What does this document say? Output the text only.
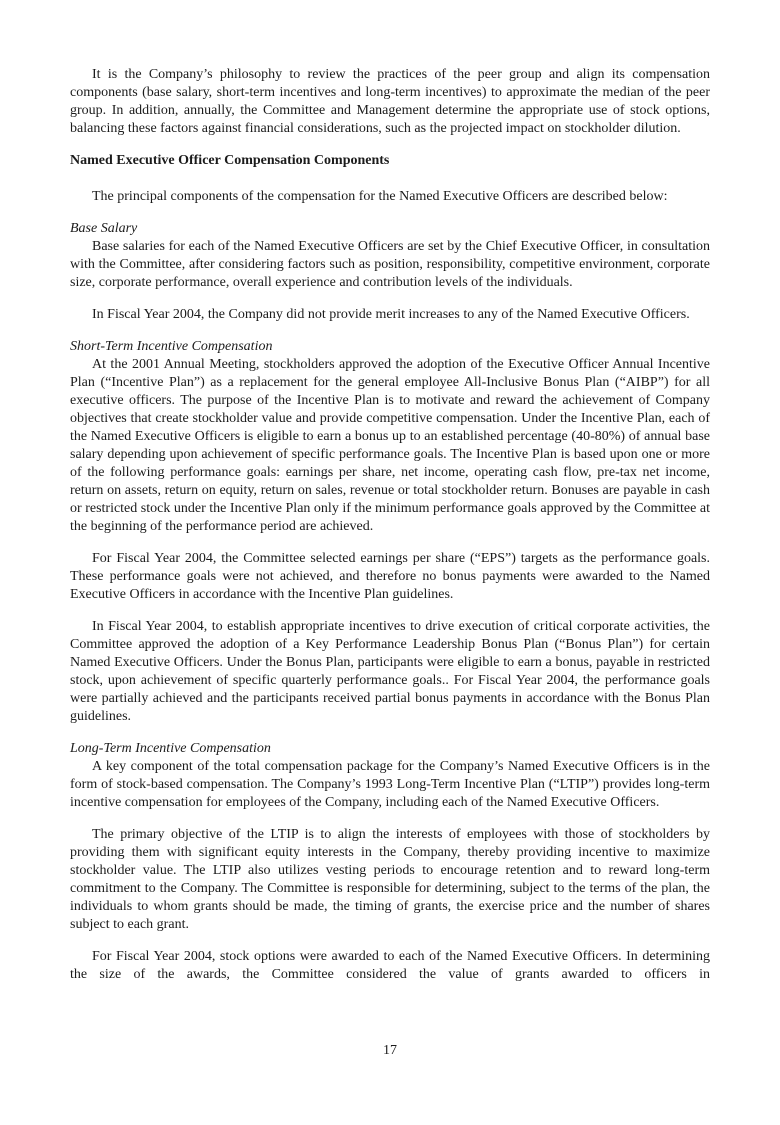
It is the Company’s philosophy to review the practices of the peer group and align its compensation components (base salary, short-term incentives and long-term incentives) to approximate the median of the peer group. In addition, annually, the Committee and Management determine the appropriate use of stock options, balancing these factors against financial considerations, such as the projected impact on stockholder dilution.

Named Executive Officer Compensation Components

The principal components of the compensation for the Named Executive Officers are described below:

Base Salary

Base salaries for each of the Named Executive Officers are set by the Chief Executive Officer, in consultation with the Committee, after considering factors such as position, responsibility, competitive environment, corporate size, corporate performance, overall experience and contribution levels of the individuals.

In Fiscal Year 2004, the Company did not provide merit increases to any of the Named Executive Officers.

Short-Term Incentive Compensation

At the 2001 Annual Meeting, stockholders approved the adoption of the Executive Officer Annual Incentive Plan (“Incentive Plan”) as a replacement for the general employee All-Inclusive Bonus Plan (“AIBP”) for all executive officers. The purpose of the Incentive Plan is to motivate and reward the achievement of Company objectives that create stockholder value and provide competitive compensation. Under the Incentive Plan, each of the Named Executive Officers is eligible to earn a bonus up to an established percentage (40-80%) of annual base salary depending upon achievement of specific performance goals. The Incentive Plan is based upon one or more of the following performance goals: earnings per share, net income, operating cash flow, pre-tax net income, return on assets, return on equity, return on sales, revenue or total stockholder return. Bonuses are payable in cash or restricted stock under the Incentive Plan only if the minimum performance goals approved by the Committee at the beginning of the performance period are achieved.

For Fiscal Year 2004, the Committee selected earnings per share (“EPS”) targets as the performance goals. These performance goals were not achieved, and therefore no bonus payments were awarded to the Named Executive Officers in accordance with the Incentive Plan guidelines.

In Fiscal Year 2004, to establish appropriate incentives to drive execution of critical corporate activities, the Committee approved the adoption of a Key Performance Leadership Bonus Plan (“Bonus Plan”) for certain Named Executive Officers. Under the Bonus Plan, participants were eligible to earn a bonus, payable in restricted stock, upon achievement of specific quarterly performance goals.. For Fiscal Year 2004, the performance goals were partially achieved and the participants received partial bonus payments in accordance with the Bonus Plan guidelines.

Long-Term Incentive Compensation

A key component of the total compensation package for the Company’s Named Executive Officers is in the form of stock-based compensation. The Company’s 1993 Long-Term Incentive Plan (“LTIP”) provides long-term incentive compensation for employees of the Company, including each of the Named Executive Officers.

The primary objective of the LTIP is to align the interests of employees with those of stockholders by providing them with significant equity interests in the Company, thereby providing incentive to maximize stockholder value. The LTIP also utilizes vesting periods to encourage retention and to reward long-term commitment to the Company. The Committee is responsible for determining, subject to the terms of the plan, the individuals to whom grants should be made, the timing of grants, the exercise price and the number of shares subject to each grant.

For Fiscal Year 2004, stock options were awarded to each of the Named Executive Officers. In determining the size of the awards, the Committee considered the value of grants awarded to officers in

17
